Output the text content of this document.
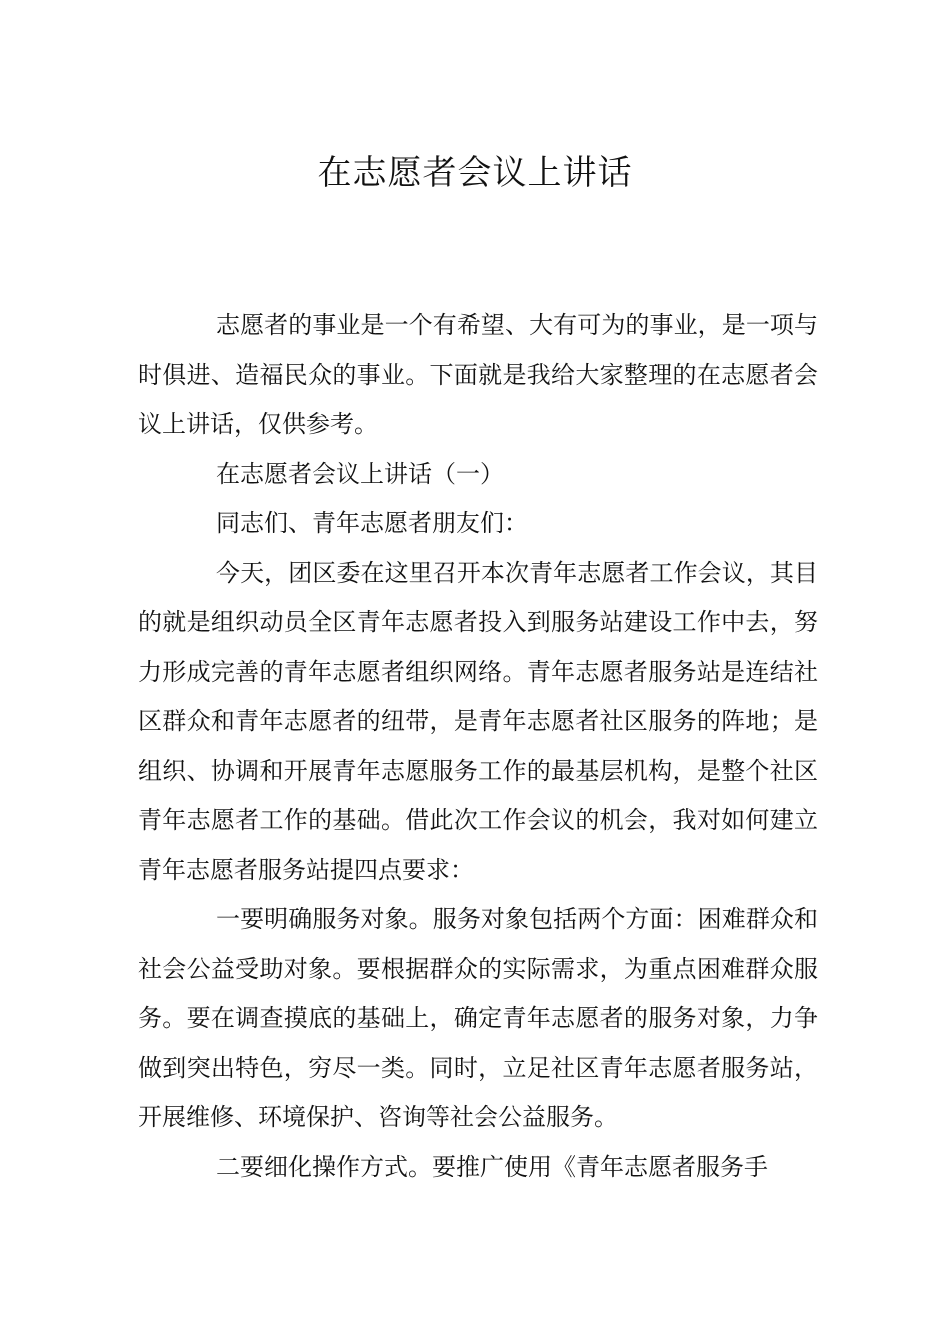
在志愿者会议上讲话

志愿者的事业是一个有希望、大有可为的事业，是一项与时俱进、造福民众的事业。下面就是我给大家整理的在志愿者会议上讲话，仅供参考。

在志愿者会议上讲话（一）

同志们、青年志愿者朋友们：

今天，团区委在这里召开本次青年志愿者工作会议，其目的就是组织动员全区青年志愿者投入到服务站建设工作中去，努力形成完善的青年志愿者组织网络。青年志愿者服务站是连结社区群众和青年志愿者的纽带，是青年志愿者社区服务的阵地；是组织、协调和开展青年志愿服务工作的最基层机构，是整个社区青年志愿者工作的基础。借此次工作会议的机会，我对如何建立青年志愿者服务站提四点要求：

一要明确服务对象。服务对象包括两个方面：困难群众和社会公益受助对象。要根据群众的实际需求，为重点困难群众服务。要在调查摸底的基础上，确定青年志愿者的服务对象，力争做到突出特色，穷尽一类。同时，立足社区青年志愿者服务站，开展维修、环境保护、咨询等社会公益服务。

二要细化操作方式。要推广使用《青年志愿者服务手
